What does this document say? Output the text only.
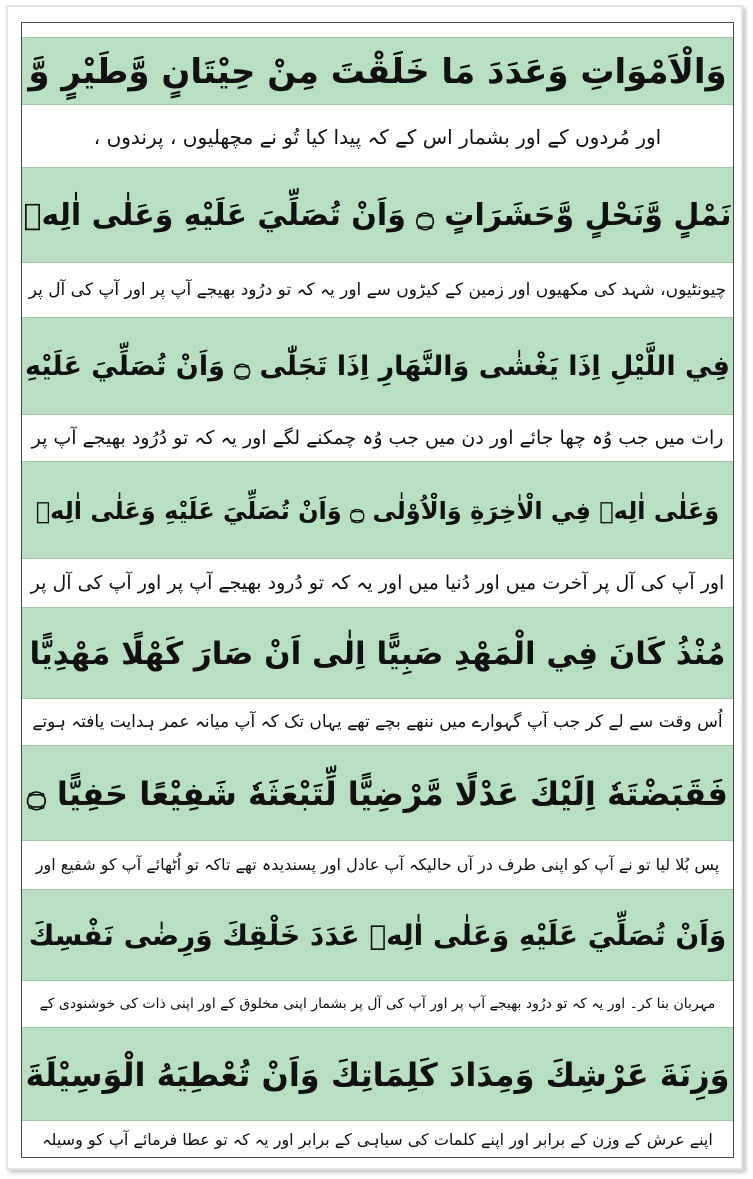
وَالْاَمْوَاتِ وَعَدَدَ مَا خَلَقْتَ مِنْ حِيْتَانٍ وَّطَيْرٍ وَّ
اور مُردوں کے اور بشمار اس کے کہ پیدا کیا تُو نے مچھلیوں ، پرندوں ،
نَمْلٍ وَّنَحْلٍ وَّحَشَرَاتٍ ۝ وَاَنْ تُصَلِّيَ عَلَيْهِ وَعَلٰى اٰلِهٖ
چیونٹیوں، شہد کی مکھیوں اور زمین کے کیڑوں سے اور یہ کہ تو درُود بھیجے آپ پر اور آپ کی آل پر
فِي اللَّيْلِ اِذَا يَغْشٰى وَالنَّهَارِ اِذَا تَجَلّٰى ۝ وَاَنْ تُصَلِّيَ عَلَيْهِ
رات میں جب وُہ چھا جائے اور دن میں جب وُہ چمکنے لگے اور یہ کہ تو دُرُود بھیجے آپ پر
وَعَلٰى اٰلِهٖ فِي الْاٰخِرَةِ وَالْاُوْلٰى ۝ وَاَنْ تُصَلِّيَ عَلَيْهِ وَعَلٰى اٰلِهٖ
اور آپ کی آل پر آخرت میں اور دُنیا میں اور یہ کہ تو دُرود بھیجے آپ پر اور آپ کی آل پر
مُنْذُ كَانَ فِي الْمَهْدِ صَبِيًّا اِلٰى اَنْ صَارَ كَهْلًا مَهْدِيًّا
اُس وقت سے لے کر جب آپ گہوارے میں ننھے بچے تھے یہاں تک کہ آپ میانہ عمر ہدایت یافتہ ہوتے
فَقَبَضْتَهٗ اِلَيْكَ عَدْلًا مَّرْضِيًّا لِّتَبْعَثَهٗ شَفِيْعًا حَفِيًّا ۝
پس بُلا لیا تو نے آپ کو اپنی طرف در آں حالیکہ آپ عادل اور پسندیدہ تھے تاکہ تو اُٹھائے آپ کو شفیع اور
وَاَنْ تُصَلِّيَ عَلَيْهِ وَعَلٰى اٰلِهٖ عَدَدَ خَلْقِكَ وَرِضٰى نَفْسِكَ
مہربان بنا کر۔ اور یہ کہ تو درُود بھیجے آپ پر اور آپ کی آل پر بشمار اپنی مخلوق کے اور اپنی ذات کی خوشنودی کے
وَزِنَةَ عَرْشِكَ وَمِدَادَ كَلِمَاتِكَ وَاَنْ تُعْطِيَهُ الْوَسِيْلَةَ
اپنے عرش کے وزن کے برابر اور اپنے کلمات کی سیاہی کے برابر اور یہ کہ تو عطا فرمائے آپ کو وسیلہ
